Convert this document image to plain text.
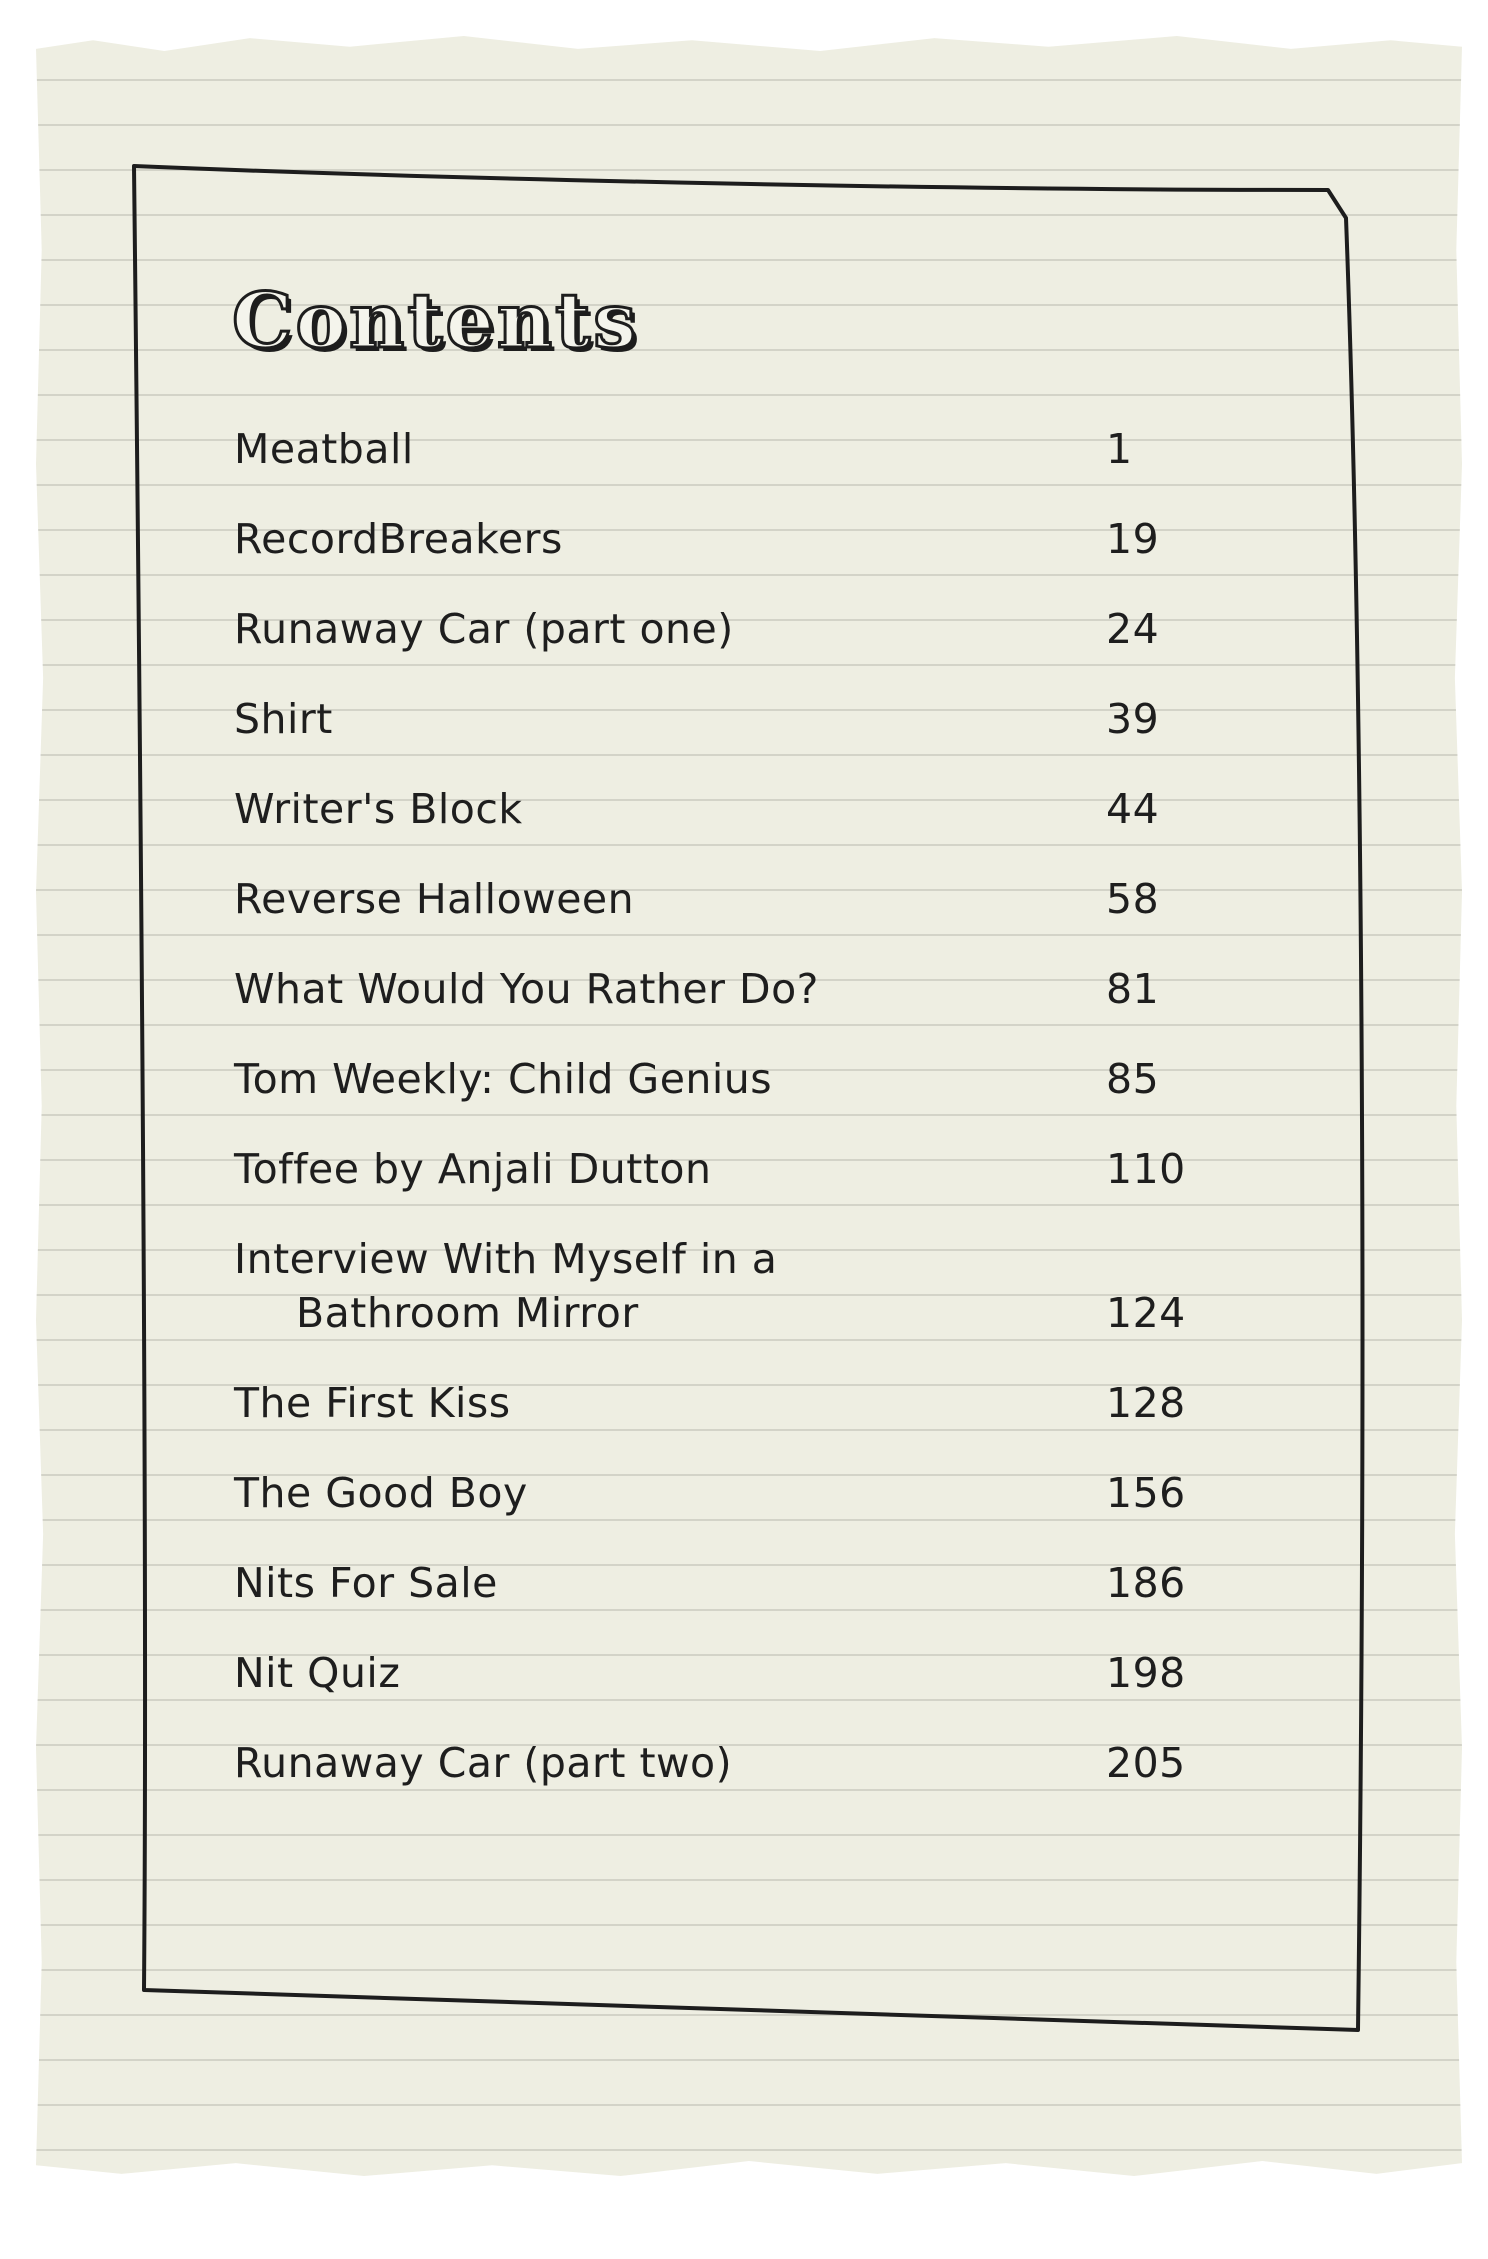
Contents
Meatball	1
RecordBreakers	19
Runaway Car (part one)	24
Shirt	39
Writer's Block	44
Reverse Halloween	58
What Would You Rather Do?	81
Tom Weekly: Child Genius	85
Toffee by Anjali Dutton	110
Interview With Myself in a
Bathroom Mirror	124
The First Kiss	128
The Good Boy	156
Nits For Sale	186
Nit Quiz	198
Runaway Car (part two)	205
